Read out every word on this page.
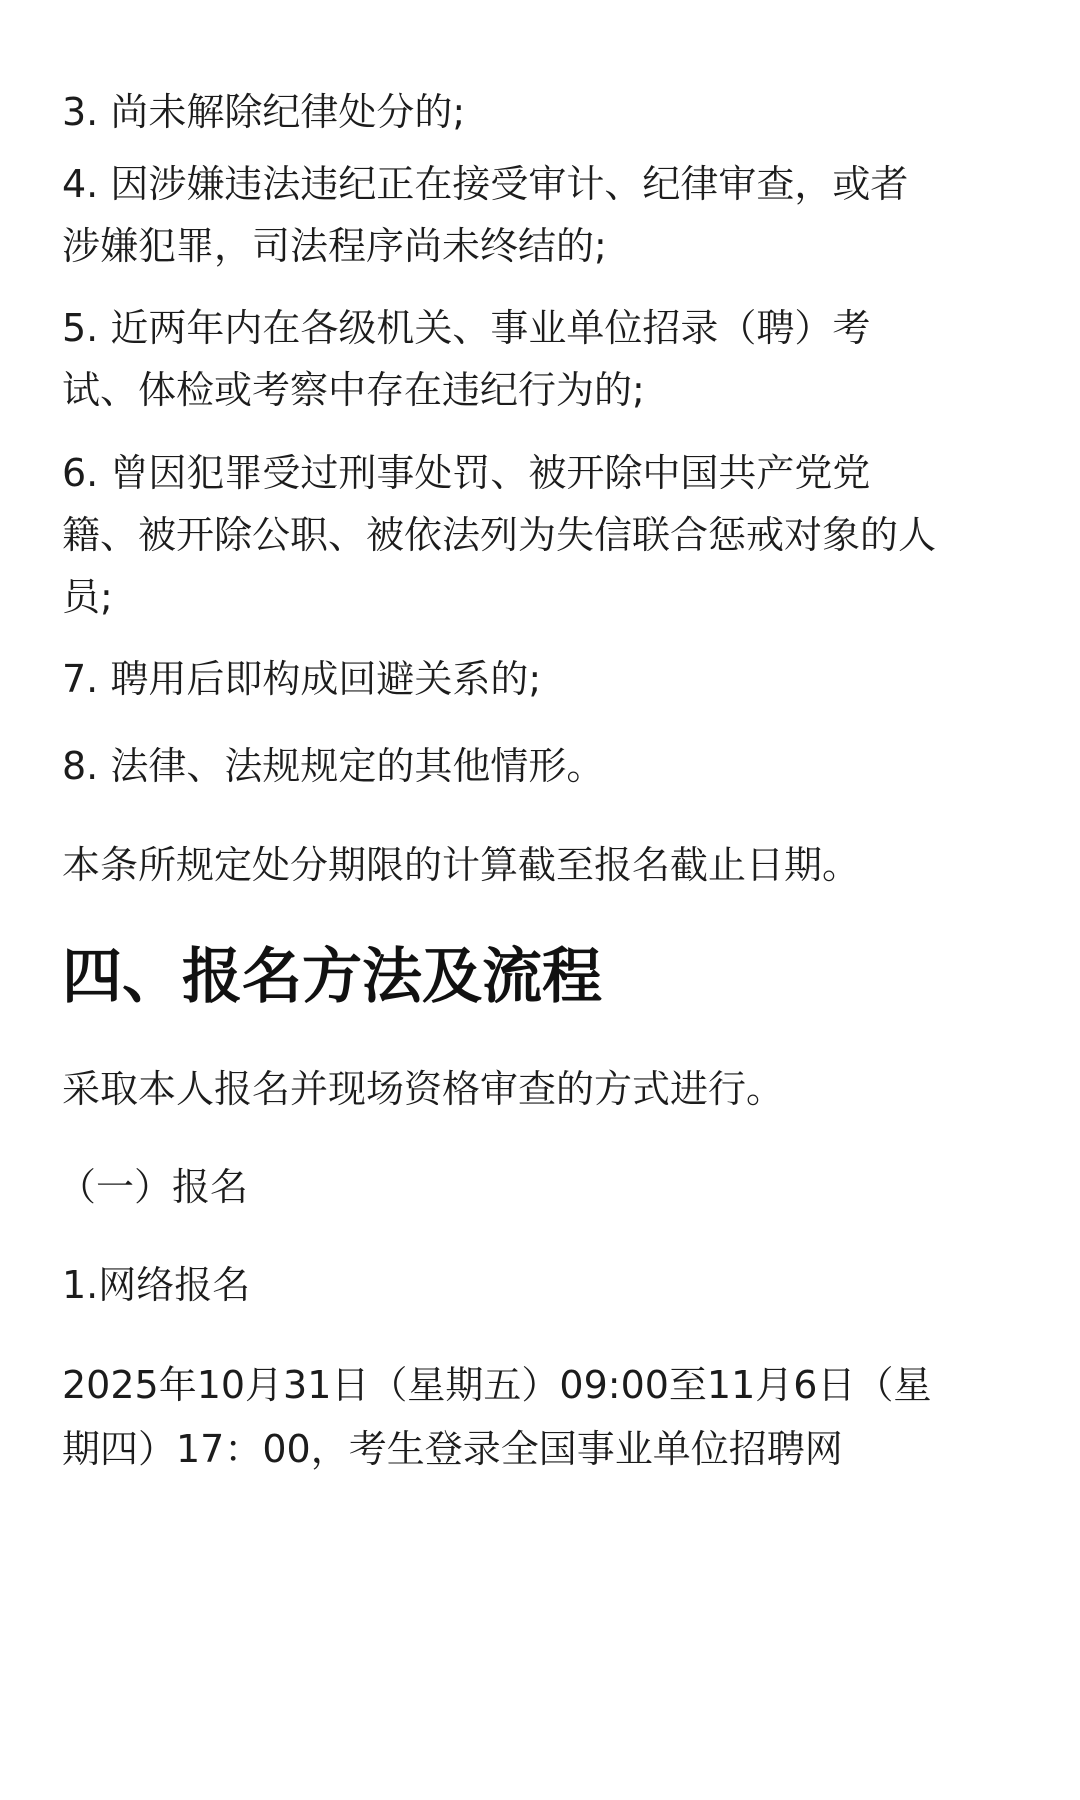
3. 尚未解除纪律处分的;
4. 因涉嫌违法违纪正在接受审计、纪律审查，或者
涉嫌犯罪，司法程序尚未终结的;
5. 近两年内在各级机关、事业单位招录（聘）考
试、体检或考察中存在违纪行为的;
6. 曾因犯罪受过刑事处罚、被开除中国共产党党
籍、被开除公职、被依法列为失信联合惩戒对象的人
员;
7. 聘用后即构成回避关系的;
8. 法律、法规规定的其他情形。
本条所规定处分期限的计算截至报名截止日期。
四、报名方法及流程
采取本人报名并现场资格审查的方式进行。
（一）报名
1.网络报名
2025年10月31日（星期五）09:00至11月6日（星
期四）17：00，考生登录全国事业单位招聘网
